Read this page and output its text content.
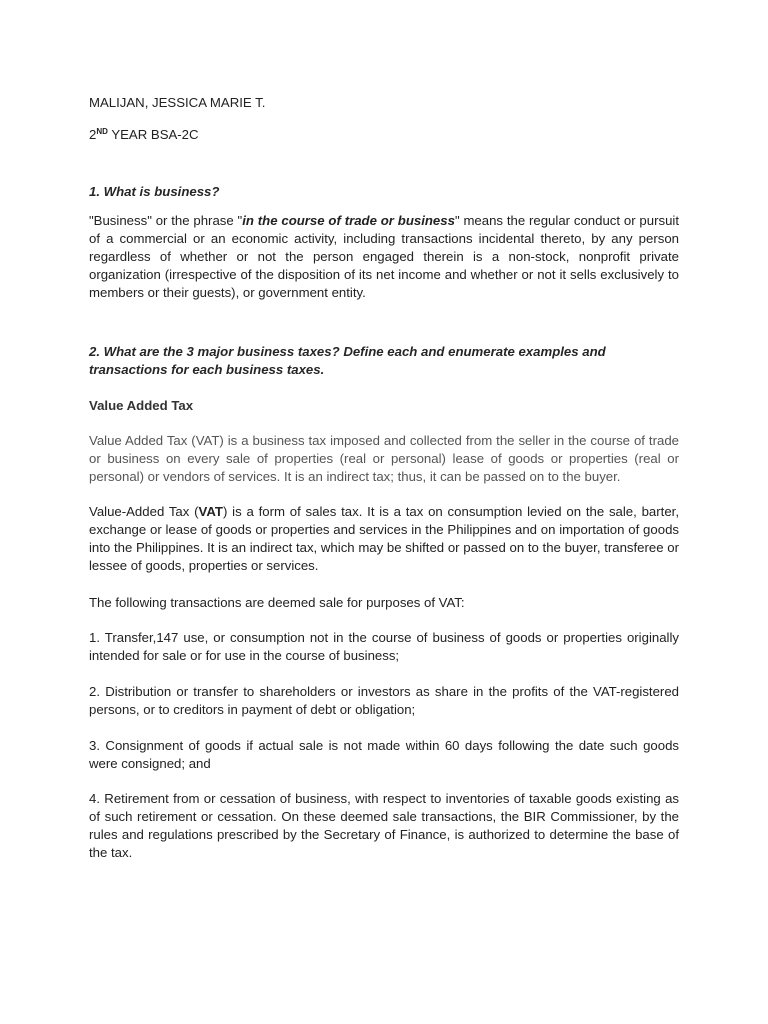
MALIJAN, JESSICA MARIE T.

2ND YEAR BSA-2C

1. What is business?

"Business" or the phrase "in the course of trade or business" means the regular conduct or pursuit of a commercial or an economic activity, including transactions incidental thereto, by any person regardless of whether or not the person engaged therein is a non-stock, nonprofit private organization (irrespective of the disposition of its net income and whether or not it sells exclusively to members or their guests), or government entity.

2. What are the 3 major business taxes? Define each and enumerate examples and transactions for each business taxes.

Value Added Tax

Value Added Tax (VAT) is a business tax imposed and collected from the seller in the course of trade or business on every sale of properties (real or personal) lease of goods or properties (real or personal) or vendors of services. It is an indirect tax; thus, it can be passed on to the buyer.

Value-Added Tax (VAT) is a form of sales tax. It is a tax on consumption levied on the sale, barter, exchange or lease of goods or properties and services in the Philippines and on importation of goods into the Philippines. It is an indirect tax, which may be shifted or passed on to the buyer, transferee or lessee of goods, properties or services.

The following transactions are deemed sale for purposes of VAT:

1. Transfer,147 use, or consumption not in the course of business of goods or properties originally intended for sale or for use in the course of business;

2. Distribution or transfer to shareholders or investors as share in the profits of the VAT-registered persons, or to creditors in payment of debt or obligation;

3. Consignment of goods if actual sale is not made within 60 days following the date such goods were consigned; and

4. Retirement from or cessation of business, with respect to inventories of taxable goods existing as of such retirement or cessation. On these deemed sale transactions, the BIR Commissioner, by the rules and regulations prescribed by the Secretary of Finance, is authorized to determine the base of the tax.
